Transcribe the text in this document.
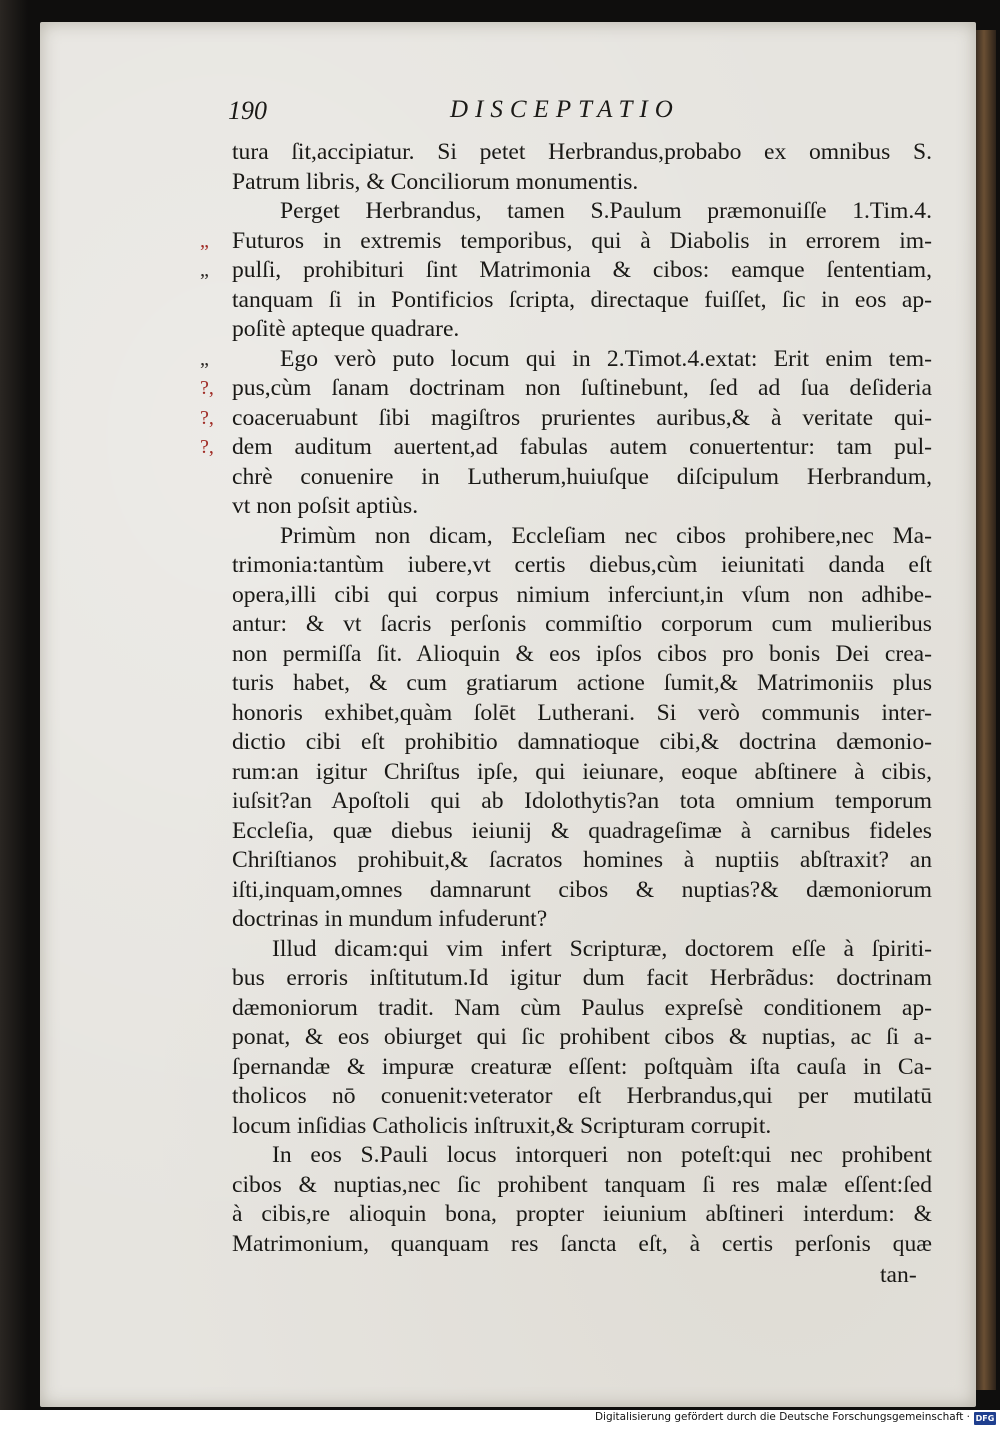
190	DISCEPTATIO
„
„
„
?,
?,
?,
tura ſit,accipiatur. Si petet Herbrandus,probabo ex omnibus S.
Patrum libris, & Conciliorum monumentis.
Perget Herbrandus, tamen S.Paulum præmonuiſſe 1.Tim.4.
Futuros in extremis temporibus, qui à Diabolis in errorem im-
pulſi, prohibituri ſint Matrimonia & cibos: eamque ſententiam,
tanquam ſi in Pontificios ſcripta, directaque fuiſſet, ſic in eos ap-
poſitè apteque quadrare.
Ego verò puto locum qui in 2.Timot.4.extat: Erit enim tem-
pus,cùm ſanam doctrinam non ſuſtinebunt, ſed ad ſua deſideria
coaceruabunt ſibi magiſtros prurientes auribus,& à veritate qui-
dem auditum auertent,ad fabulas autem conuertentur: tam pul-
chrè conuenire in Lutherum,huiuſque diſcipulum Herbrandum,
vt non poſsit aptiùs.
Primùm non dicam, Eccleſiam nec cibos prohibere,nec Ma-
trimonia:tantùm iubere,vt certis diebus,cùm ieiunitati danda eſt
opera,illi cibi qui corpus nimium inferciunt,in vſum non adhibe-
antur: & vt ſacris perſonis commiſtio corporum cum mulieribus
non permiſſa ſit. Alioquin & eos ipſos cibos pro bonis Dei crea-
turis habet, & cum gratiarum actione ſumit,& Matrimoniis plus
honoris exhibet,quàm ſolēt Lutherani. Si verò communis inter-
dictio cibi eſt prohibitio damnatioque cibi,& doctrina dæmonio-
rum:an igitur Chriſtus ipſe, qui ieiunare, eoque abſtinere à cibis,
iuſsit?an Apoſtoli qui ab Idolothytis?an tota omnium temporum
Eccleſia, quæ diebus ieiunij & quadrageſimæ à carnibus fideles
Chriſtianos prohibuit,& ſacratos homines à nuptiis abſtraxit? an
iſti,inquam,omnes damnarunt cibos & nuptias?& dæmoniorum
doctrinas in mundum infuderunt?
Illud dicam:qui vim infert Scripturæ, doctorem eſſe à ſpiriti-
bus erroris inſtitutum.Id igitur dum facit Herbrãdus: doctrinam
dæmoniorum tradit. Nam cùm Paulus expreſsè conditionem ap-
ponat, & eos obiurget qui ſic prohibent cibos & nuptias, ac ſi a-
ſpernandæ & impuræ creaturæ eſſent: poſtquàm iſta cauſa in Ca-
tholicos nō conuenit:veterator eſt Herbrandus,qui per mutilatū
locum inſidias Catholicis inſtruxit,& Scripturam corrupit.
In eos S.Pauli locus intorqueri non poteſt:qui nec prohibent
cibos & nuptias,nec ſic prohibent tanquam ſi res malæ eſſent:ſed
à cibis,re alioquin bona, propter ieiunium abſtineri interdum: &
Matrimonium, quanquam res ſancta eſt, à certis perſonis quæ
tan-
Digitalisierung gefördert durch die Deutsche Forschungsgemeinschaft · DFG
